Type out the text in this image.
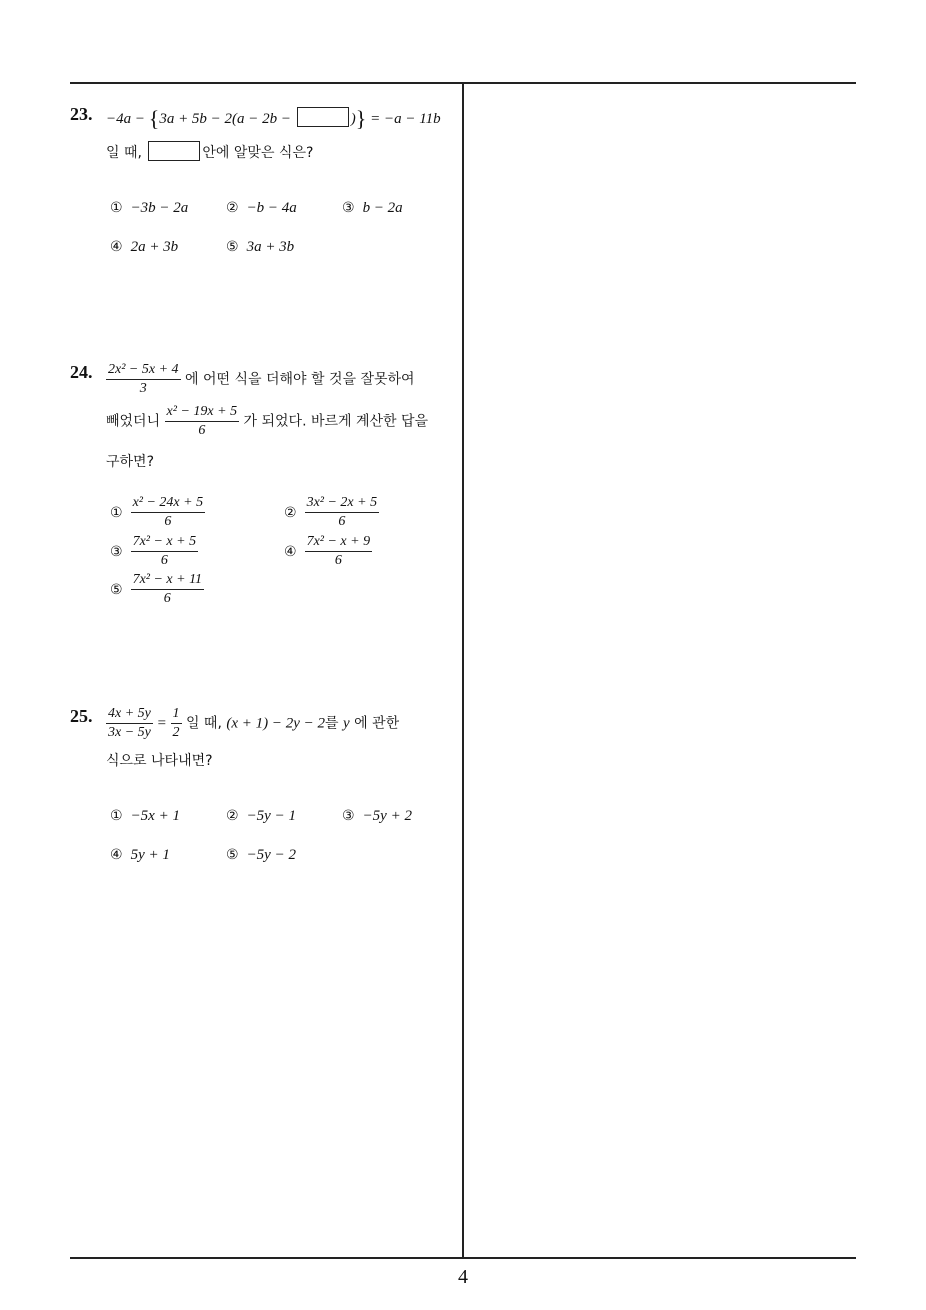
23. −4a − {3a + 5b − 2(a − 2b −	)} = −a − 11b
일 때,	안에 알맞은 식은?
① −3b − 2a	② −b − 4a	③ b − 2a
④ 2a + 3b	⑤ 3a + 3b
24. $\frac{\text{2x² − 5x + 4}}{3}$ 에 어떤 식을 더해야 할 것을 잘못하여
빼었더니 $\frac{\text{x² − 19x + 5}}{6}$ 가 되었다. 바르게 계산한 답을
구하면?
① $\frac{\text{x² − 24x + 5}}{6}$	② $\frac{\text{3x² − 2x + 5}}{6}$
③ $\frac{\text{7x² − x + 5}}{6}$	④ $\frac{\text{7x² − x + 9}}{6}$
⑤ $\frac{\text{7x² − x + 11}}{6}$
25. $\frac{4x + 5y}{3x - 5y} = \frac{1}{2}$ 일 때, (x + 1) − 2y − 2를 y 에 관한
식으로 나타내면?
① −5x + 1	② −5y − 1	③ −5y + 2
④ 5y + 1	⑤ −5y − 2
4
